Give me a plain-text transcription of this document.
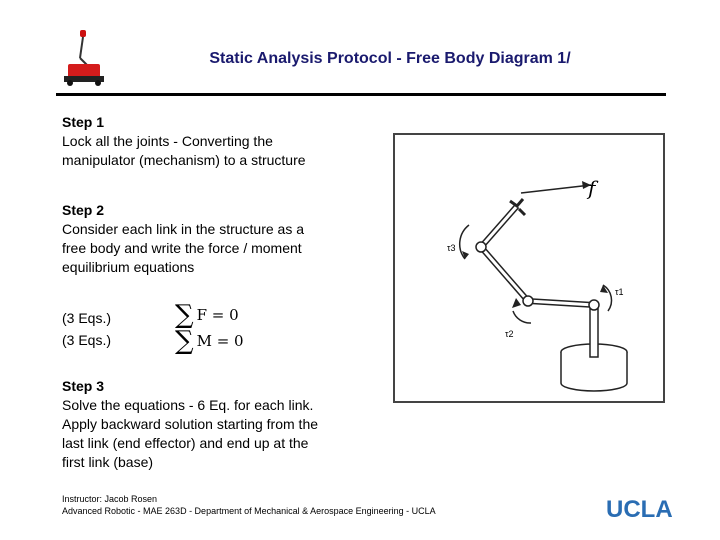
Static Analysis Protocol - Free Body Diagram 1/
Step 1
Lock all the joints - Converting the
manipulator (mechanism) to a structure
Step 2
Consider each link in the structure as a
free body and write the force / moment
equilibrium equations
(3 Eqs.)
(3 Eqs.)
∑ F = 0
∑ M = 0
Step 3
Solve the equations - 6 Eq. for each link.
Apply backward solution starting from the
last link (end effector) and end up at the
first link (base)
f
τ3
τ2
τ1
Instructor: Jacob Rosen
Advanced Robotic - MAE 263D - Department of Mechanical & Aerospace Engineering - UCLA	UCLA
